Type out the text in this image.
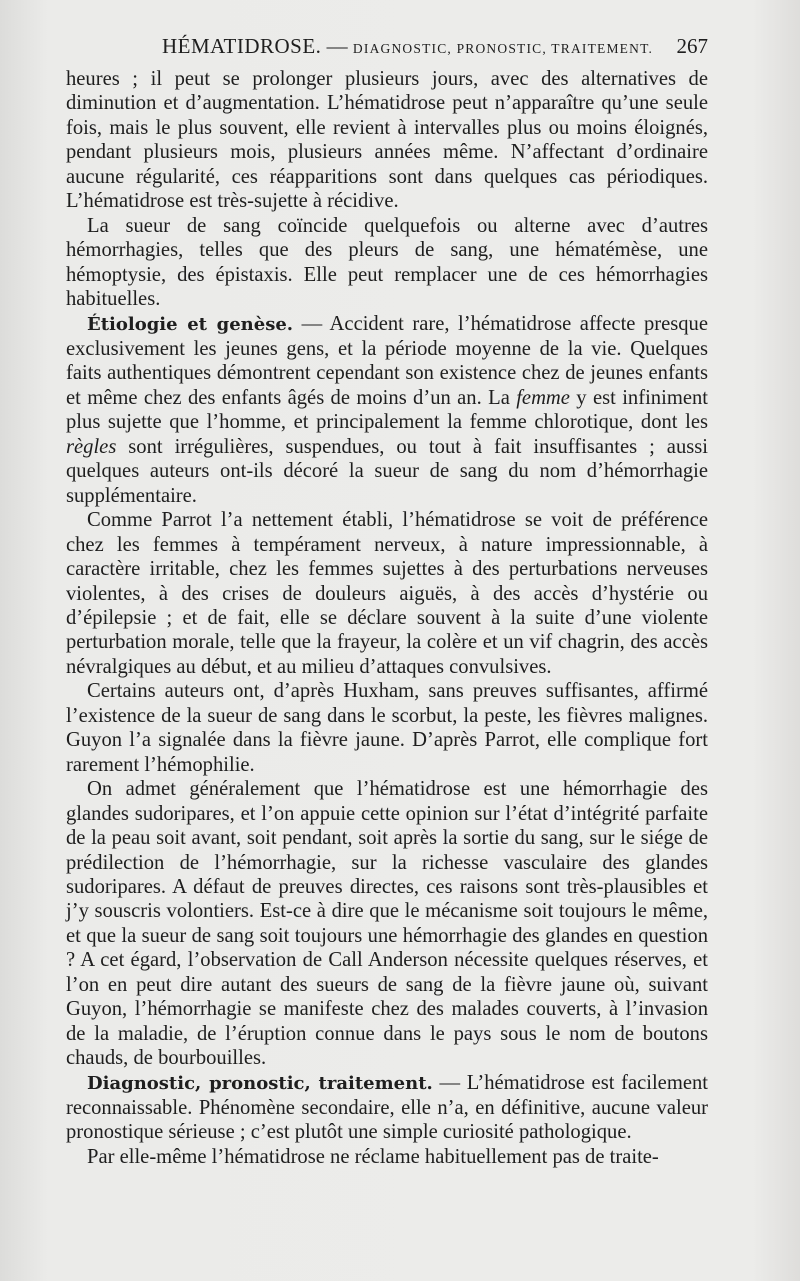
HÉMATIDROSE. — DIAGNOSTIC, PRONOSTIC, TRAITEMENT. 267

heures ; il peut se prolonger plusieurs jours, avec des alternatives de diminution et d’augmentation. L’hématidrose peut n’apparaître qu’une seule fois, mais le plus souvent, elle revient à intervalles plus ou moins éloignés, pendant plusieurs mois, plusieurs années même. N’affectant d’ordinaire aucune régularité, ces réapparitions sont dans quelques cas périodiques. L’hématidrose est très-sujette à récidive.

La sueur de sang coïncide quelquefois ou alterne avec d’autres hémorrhagies, telles que des pleurs de sang, une hématémèse, une hémoptysie, des épistaxis. Elle peut remplacer une de ces hémorrhagies habituelles.

Étiologie et genèse. — Accident rare, l’hématidrose affecte presque exclusivement les jeunes gens, et la période moyenne de la vie. Quelques faits authentiques démontrent cependant son existence chez de jeunes enfants et même chez des enfants âgés de moins d’un an. La femme y est infiniment plus sujette que l’homme, et principalement la femme chlorotique, dont les règles sont irrégulières, suspendues, ou tout à fait insuffisantes ; aussi quelques auteurs ont-ils décoré la sueur de sang du nom d’hémorrhagie supplémentaire.

Comme Parrot l’a nettement établi, l’hématidrose se voit de préférence chez les femmes à tempérament nerveux, à nature impressionnable, à caractère irritable, chez les femmes sujettes à des perturbations nerveuses violentes, à des crises de douleurs aiguës, à des accès d’hystérie ou d’épilepsie ; et de fait, elle se déclare souvent à la suite d’une violente perturbation morale, telle que la frayeur, la colère et un vif chagrin, des accès névralgiques au début, et au milieu d’attaques convulsives.

Certains auteurs ont, d’après Huxham, sans preuves suffisantes, affirmé l’existence de la sueur de sang dans le scorbut, la peste, les fièvres malignes. Guyon l’a signalée dans la fièvre jaune. D’après Parrot, elle complique fort rarement l’hémophilie.

On admet généralement que l’hématidrose est une hémorrhagie des glandes sudoripares, et l’on appuie cette opinion sur l’état d’intégrité parfaite de la peau soit avant, soit pendant, soit après la sortie du sang, sur le siége de prédilection de l’hémorrhagie, sur la richesse vasculaire des glandes sudoripares. A défaut de preuves directes, ces raisons sont très-plausibles et j’y souscris volontiers. Est-ce à dire que le mécanisme soit toujours le même, et que la sueur de sang soit toujours une hémorrhagie des glandes en question ? A cet égard, l’observation de Call Anderson nécessite quelques réserves, et l’on en peut dire autant des sueurs de sang de la fièvre jaune où, suivant Guyon, l’hémorrhagie se manifeste chez des malades couverts, à l’invasion de la maladie, de l’éruption connue dans le pays sous le nom de boutons chauds, de bourbouilles.

Diagnostic, pronostic, traitement. — L’hématidrose est facilement reconnaissable. Phénomène secondaire, elle n’a, en définitive, aucune valeur pronostique sérieuse ; c’est plutôt une simple curiosité pathologique.

Par elle-même l’hématidrose ne réclame habituellement pas de traite-
